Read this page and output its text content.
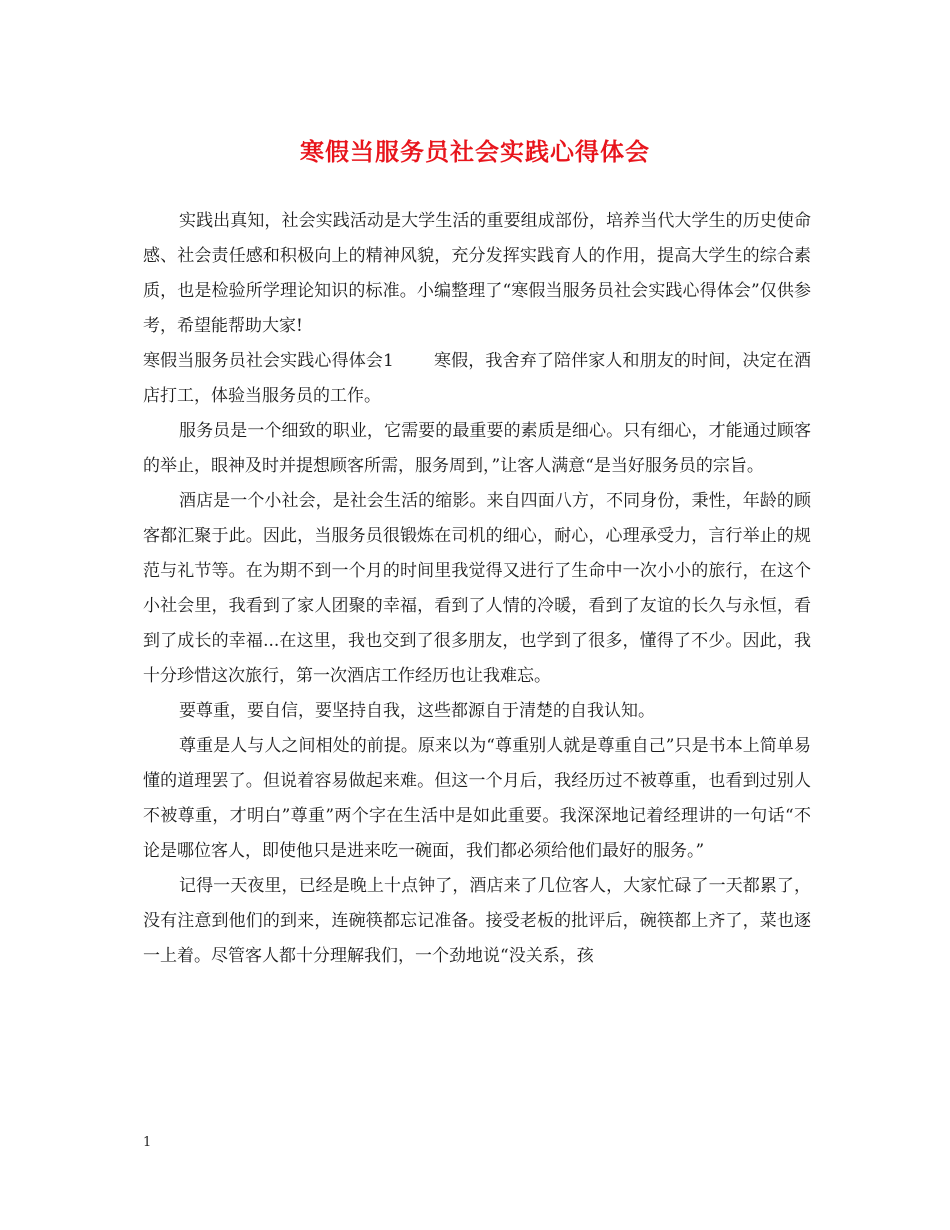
寒假当服务员社会实践心得体会

实践出真知，社会实践活动是大学生活的重要组成部份，培养当代大学生的历史使命感、社会责任感和积极向上的精神风貌，充分发挥实践育人的作用，提高大学生的综合素质，也是检验所学理论知识的标准。小编整理了“寒假当服务员社会实践心得体会”仅供参考，希望能帮助大家!

寒假当服务员社会实践心得体会1 寒假，我舍弃了陪伴家人和朋友的时间，决定在酒店打工，体验当服务员的工作。

服务员是一个细致的职业，它需要的最重要的素质是细心。只有细心，才能通过顾客的举止，眼神及时并提想顾客所需，服务周到，”让客人满意“是当好服务员的宗旨。

酒店是一个小社会，是社会生活的缩影。来自四面八方，不同身份，秉性，年龄的顾客都汇聚于此。因此，当服务员很锻炼在司机的细心，耐心，心理承受力，言行举止的规范与礼节等。在为期不到一个月的时间里我觉得又进行了生命中一次小小的旅行，在这个小社会里，我看到了家人团聚的幸福，看到了人情的冷暖，看到了友谊的长久与永恒，看到了成长的幸福...在这里，我也交到了很多朋友，也学到了很多，懂得了不少。因此，我十分珍惜这次旅行，第一次酒店工作经历也让我难忘。

要尊重，要自信，要坚持自我，这些都源自于清楚的自我认知。

尊重是人与人之间相处的前提。原来以为“尊重别人就是尊重自己”只是书本上简单易懂的道理罢了。但说着容易做起来难。但这一个月后，我经历过不被尊重，也看到过别人不被尊重，才明白”尊重”两个字在生活中是如此重要。我深深地记着经理讲的一句话“不论是哪位客人，即使他只是进来吃一碗面，我们都必须给他们最好的服务。”

记得一天夜里，已经是晚上十点钟了，酒店来了几位客人，大家忙碌了一天都累了，没有注意到他们的到来，连碗筷都忘记准备。接受老板的批评后，碗筷都上齐了，菜也逐一上着。尽管客人都十分理解我们，一个劲地说“没关系，孩

1
